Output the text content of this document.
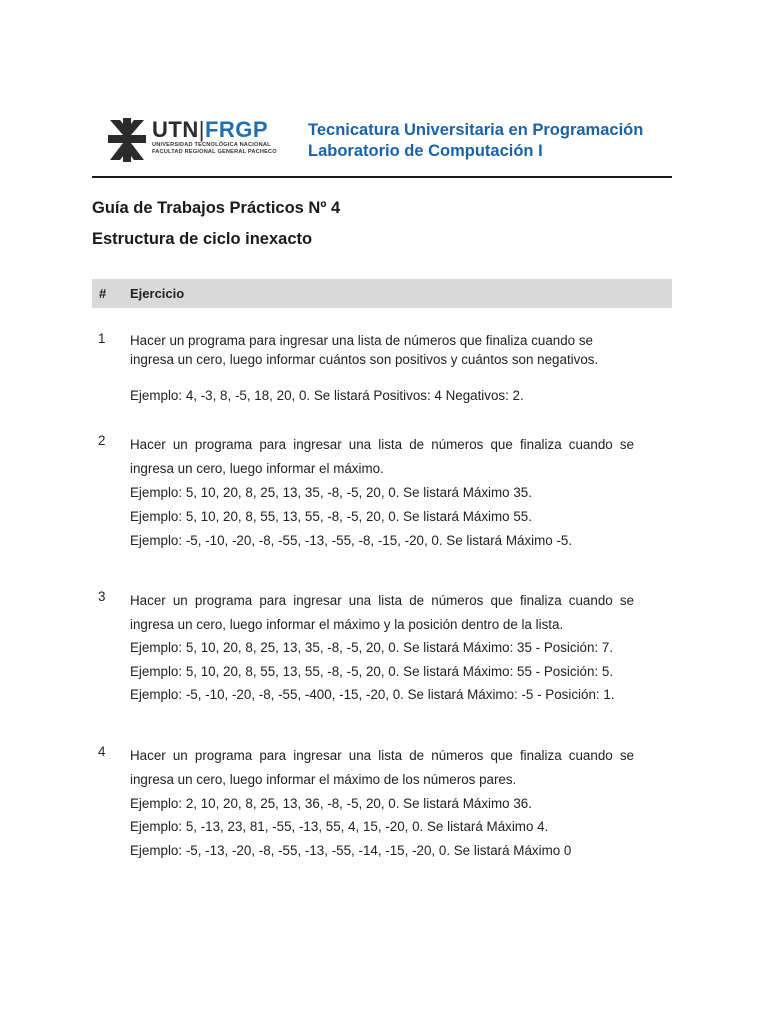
UTN|FRGP
UNIVERSIDAD TECNOLÓGICA NACIONAL
FACULTAD REGIONAL GENERAL PACHECO
Tecnicatura Universitaria en Programación
Laboratorio de Computación I
Guía de Trabajos Prácticos Nº 4
Estructura de ciclo inexacto
# Ejercicio
1 Hacer un programa para ingresar una lista de números que finaliza cuando se ingresa un cero, luego informar cuántos son positivos y cuántos son negativos.
Ejemplo: 4, -3, 8, -5, 18, 20, 0. Se listará Positivos: 4 Negativos: 2.
2 Hacer un programa para ingresar una lista de números que finaliza cuando se ingresa un cero, luego informar el máximo.
Ejemplo: 5, 10, 20, 8, 25, 13, 35, -8, -5, 20, 0. Se listará Máximo 35.
Ejemplo: 5, 10, 20, 8, 55, 13, 55, -8, -5, 20, 0. Se listará Máximo 55.
Ejemplo: -5, -10, -20, -8, -55, -13, -55, -8, -15, -20, 0. Se listará Máximo -5.
3 Hacer un programa para ingresar una lista de números que finaliza cuando se ingresa un cero, luego informar el máximo y la posición dentro de la lista.
Ejemplo: 5, 10, 20, 8, 25, 13, 35, -8, -5, 20, 0. Se listará Máximo: 35 - Posición: 7.
Ejemplo: 5, 10, 20, 8, 55, 13, 55, -8, -5, 20, 0. Se listará Máximo: 55 - Posición: 5.
Ejemplo: -5, -10, -20, -8, -55, -400, -15, -20, 0. Se listará Máximo: -5 - Posición: 1.
4 Hacer un programa para ingresar una lista de números que finaliza cuando se ingresa un cero, luego informar el máximo de los números pares.
Ejemplo: 2, 10, 20, 8, 25, 13, 36, -8, -5, 20, 0. Se listará Máximo 36.
Ejemplo: 5, -13, 23, 81, -55, -13, 55, 4, 15, -20, 0. Se listará Máximo 4.
Ejemplo: -5, -13, -20, -8, -55, -13, -55, -14, -15, -20, 0. Se listará Máximo 0
